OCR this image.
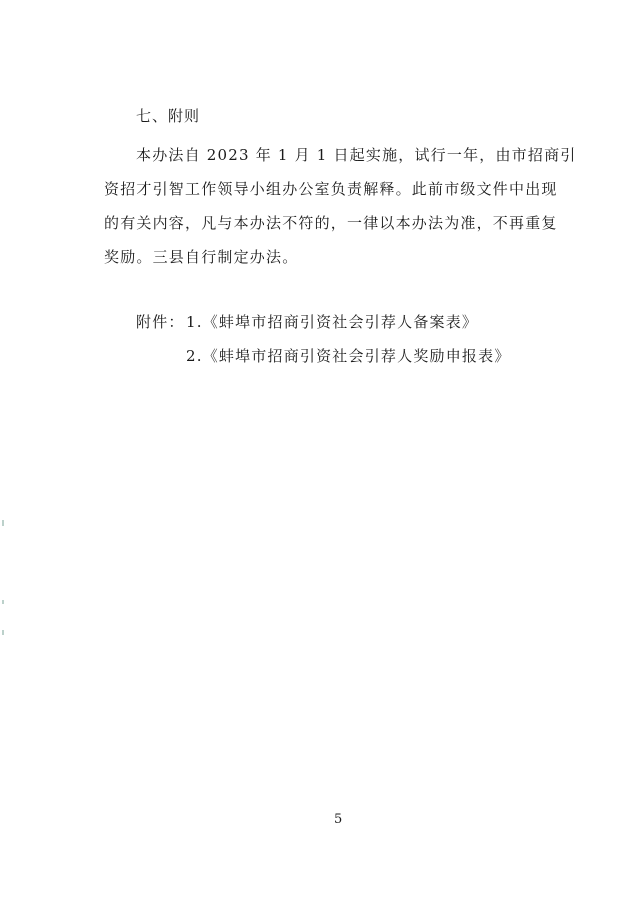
七、附则
本办法自 2023 年 1 月 1 日起实施，试行一年，由市招商引
资招才引智工作领导小组办公室负责解释。此前市级文件中出现
的有关内容，凡与本办法不符的，一律以本办法为准，不再重复
奖励。三县自行制定办法。
附件： 1.《蚌埠市招商引资社会引荐人备案表》
2.《蚌埠市招商引资社会引荐人奖励申报表》
5
